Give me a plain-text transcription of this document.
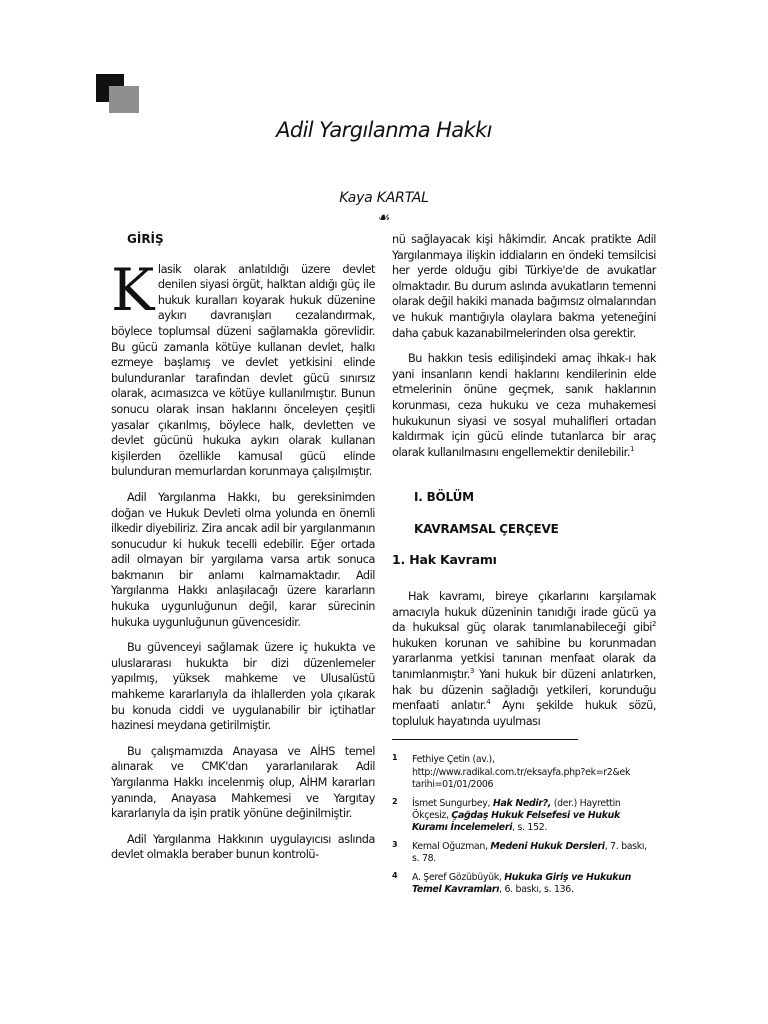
Adil Yargılanma Hakkı
Kaya KARTAL
☙
GİRİŞ

Klasik olarak anlatıldığı üzere devlet denilen siyasi örgüt, halktan aldığı güç ile hukuk kuralları koyarak hukuk düzenine aykırı davranışları cezalandırmak, böylece toplumsal düzeni sağlamakla görevlidir. Bu gücü zamanla kötüye kullanan devlet, halkı ezmeye başlamış ve devlet yetkisini elinde bulunduranlar tarafından devlet gücü sınırsız olarak, acımasızca ve kötüye kullanılmıştır. Bunun sonucu olarak insan haklarını önceleyen çeşitli yasalar çıkarılmış, böylece halk, devletten ve devlet gücünü hukuka aykırı olarak kullanan kişilerden özellikle kamusal gücü elinde bulunduran memurlardan korunmaya çalışılmıştır.

Adil Yargılanma Hakkı, bu gereksinimden doğan ve Hukuk Devleti olma yolunda en önemli ilkedir diyebiliriz. Zira ancak adil bir yargılanmanın sonucudur ki hukuk tecelli edebilir. Eğer ortada adil olmayan bir yargılama varsa artık sonuca bakmanın bir anlamı kalmamaktadır. Adil Yargılanma Hakkı anlaşılacağı üzere kararların hukuka uygunluğunun değil, karar sürecinin hukuka uygunluğunun güvencesidir.

Bu güvenceyi sağlamak üzere iç hukukta ve uluslararası hukukta bir dizi düzenlemeler yapılmış, yüksek mahkeme ve Ulusalüstü mahkeme kararlarıyla da ihlallerden yola çıkarak bu konuda ciddi ve uygulanabilir bir içtihatlar hazinesi meydana getirilmiştir.

Bu çalışmamızda Anayasa ve AİHS temel alınarak ve CMK'dan yararlanılarak Adil Yargılanma Hakkı incelenmiş olup, AİHM kararları yanında, Anayasa Mahkemesi ve Yargıtay kararlarıyla da işin pratik yönüne değinilmiştir.

Adil Yargılanma Hakkının uygulayıcısı aslında devlet olmakla beraber bunun kontrolü-

nü sağlayacak kişi hâkimdir. Ancak pratikte Adil Yargılanmaya ilişkin iddiaların en öndeki temsilcisi her yerde olduğu gibi Türkiye'de de avukatlar olmaktadır. Bu durum aslında avukatların temenni olarak değil hakiki manada bağımsız olmalarından ve hukuk mantığıyla olaylara bakma yeteneğini daha çabuk kazanabilmelerinden olsa gerektir.

Bu hakkın tesis edilişindeki amaç ihkak-ı hak yani insanların kendi haklarını kendilerinin elde etmelerinin önüne geçmek, sanık haklarının korunması, ceza hukuku ve ceza muhakemesi hukukunun siyasi ve sosyal muhalifleri ortadan kaldırmak için gücü elinde tutanlarca bir araç olarak kullanılmasını engellemektir denilebilir.$^1$

I. BÖLÜM
KAVRAMSAL ÇERÇEVE
1. Hak Kavramı

Hak kavramı, bireye çıkarlarını karşılamak amacıyla hukuk düzeninin tanıdığı irade gücü ya da hukuksal güç olarak tanımlanabileceği gibi$^2$ hukuken korunan ve sahibine bu korunmadan yararlanma yetkisi tanınan menfaat olarak da tanımlanmıştır.$^3$ Yani hukuk bir düzeni anlatırken, hak bu düzenin sağladığı yetkileri, korunduğu menfaati anlatır.$^4$ Aynı şekilde hukuk sözü, topluluk hayatında uyulması

1 Fethiye Çetin (av.), http://www.radikal.com.tr/eksayfa.php?ek=r2&ek tarihi=01/01/2006
2 İsmet Sungurbey, Hak Nedir?, (der.) Hayrettin Ökçesiz, Çağdaş Hukuk Felsefesi ve Hukuk Kuramı İncelemeleri, s. 152.
3 Kemal Oğuzman, Medeni Hukuk Dersleri, 7. baskı, s. 78.
4 A. Şeref Gözübüyük, Hukuka Giriş ve Hukukun Temel Kavramları, 6. baskı, s. 136.
